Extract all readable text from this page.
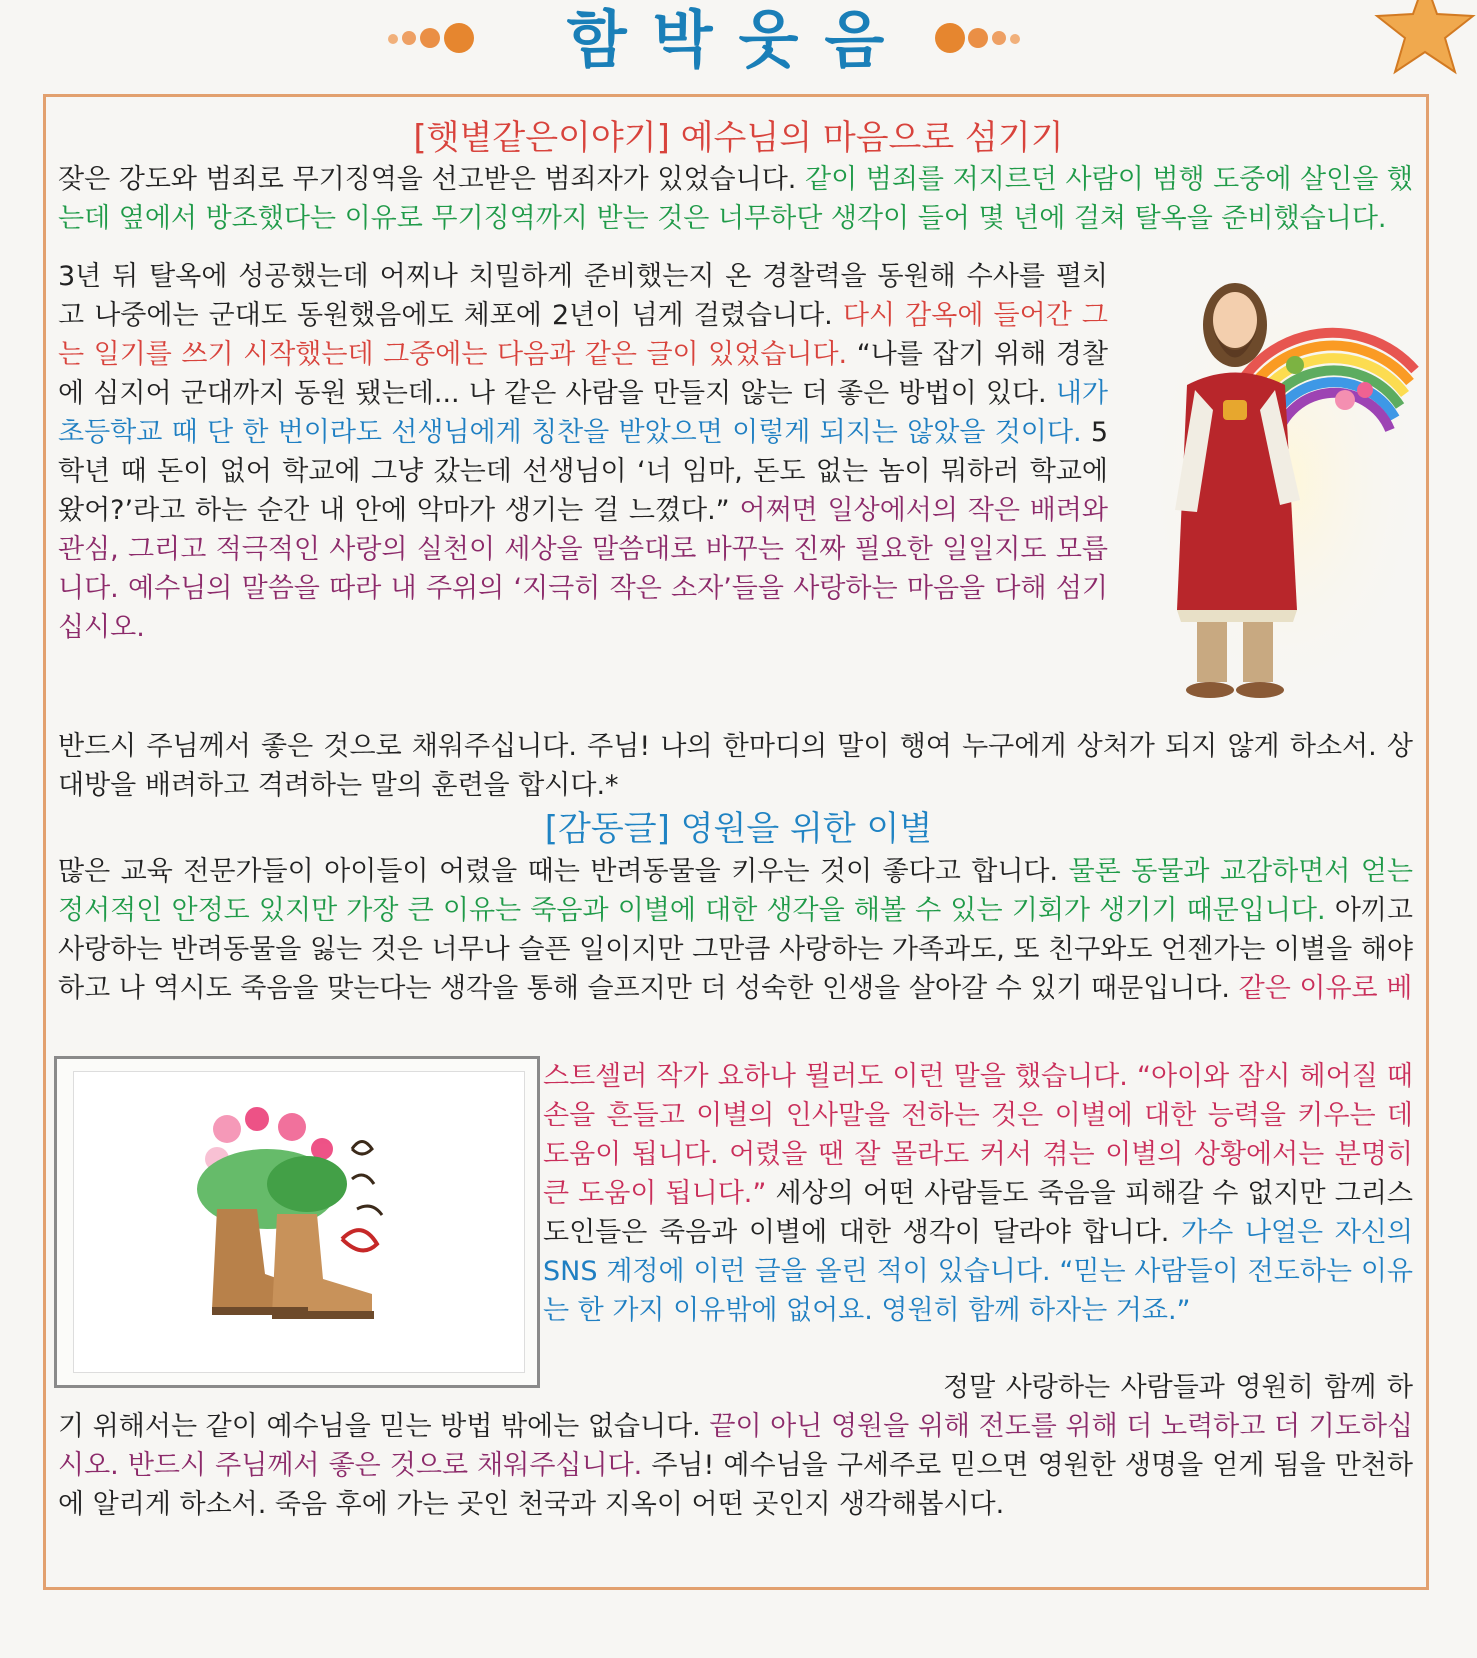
함박웃음
[햇볕같은이야기] 예수님의 마음으로 섬기기

잦은 강도와 범죄로 무기징역을 선고받은 범죄자가 있었습니다. 같이 범죄를 저지르던 사람이 범행 도중에 살인을 했는데 옆에서 방조했다는 이유로 무기징역까지 받는 것은 너무하단 생각이 들어 몇 년에 걸쳐 탈옥을 준비했습니다.

3년 뒤 탈옥에 성공했는데 어찌나 치밀하게 준비했는지 온 경찰력을 동원해 수사를 펼치고 나중에는 군대도 동원했음에도 체포에 2년이 넘게 걸렸습니다. 다시 감옥에 들어간 그는 일기를 쓰기 시작했는데 그중에는 다음과 같은 글이 있었습니다. “나를 잡기 위해 경찰에 심지어 군대까지 동원 됐는데... 나 같은 사람을 만들지 않는 더 좋은 방법이 있다. 내가 초등학교 때 단 한 번이라도 선생님에게 칭찬을 받았으면 이렇게 되지는 않았을 것이다. 5학년 때 돈이 없어 학교에 그냥 갔는데 선생님이 ‘너 임마, 돈도 없는 놈이 뭐하러 학교에 왔어?’라고 하는 순간 내 안에 악마가 생기는 걸 느꼈다.” 어쩌면 일상에서의 작은 배려와 관심, 그리고 적극적인 사랑의 실천이 세상을 말씀대로 바꾸는 진짜 필요한 일일지도 모릅니다. 예수님의 말씀을 따라 내 주위의 ‘지극히 작은 소자’들을 사랑하는 마음을 다해 섬기십시오.

반드시 주님께서 좋은 것으로 채워주십니다. 주님! 나의 한마디의 말이 행여 누구에게 상처가 되지 않게 하소서. 상대방을 배려하고 격려하는 말의 훈련을 합시다.*

[감동글] 영원을 위한 이별

많은 교육 전문가들이 아이들이 어렸을 때는 반려동물을 키우는 것이 좋다고 합니다. 물론 동물과 교감하면서 얻는 정서적인 안정도 있지만 가장 큰 이유는 죽음과 이별에 대한 생각을 해볼 수 있는 기회가 생기기 때문입니다. 아끼고 사랑하는 반려동물을 잃는 것은 너무나 슬픈 일이지만 그만큼 사랑하는 가족과도, 또 친구와도 언젠가는 이별을 해야 하고 나 역시도 죽음을 맞는다는 생각을 통해 슬프지만 더 성숙한 인생을 살아갈 수 있기 때문입니다. 같은 이유로 베

스트셀러 작가 요하나 뮐러도 이런 말을 했습니다. “아이와 잠시 헤어질 때 손을 흔들고 이별의 인사말을 전하는 것은 이별에 대한 능력을 키우는 데 도움이 됩니다. 어렸을 땐 잘 몰라도 커서 겪는 이별의 상황에서는 분명히 큰 도움이 됩니다.” 세상의 어떤 사람들도 죽음을 피해갈 수 없지만 그리스도인들은 죽음과 이별에 대한 생각이 달라야 합니다. 가수 나얼은 자신의 SNS 계정에 이런 글을 올린 적이 있습니다. “믿는 사람들이 전도하는 이유는 한 가지 이유밖에 없어요. 영원히 함께 하자는 거죠.”

정말 사랑하는 사람들과 영원히 함께 하기 위해서는 같이 예수님을 믿는 방법 밖에는 없습니다. 끝이 아닌 영원을 위해 전도를 위해 더 노력하고 더 기도하십시오. 반드시 주님께서 좋은 것으로 채워주십니다. 주님! 예수님을 구세주로 믿으면 영원한 생명을 얻게 됨을 만천하에 알리게 하소서. 죽음 후에 가는 곳인 천국과 지옥이 어떤 곳인지 생각해봅시다.
